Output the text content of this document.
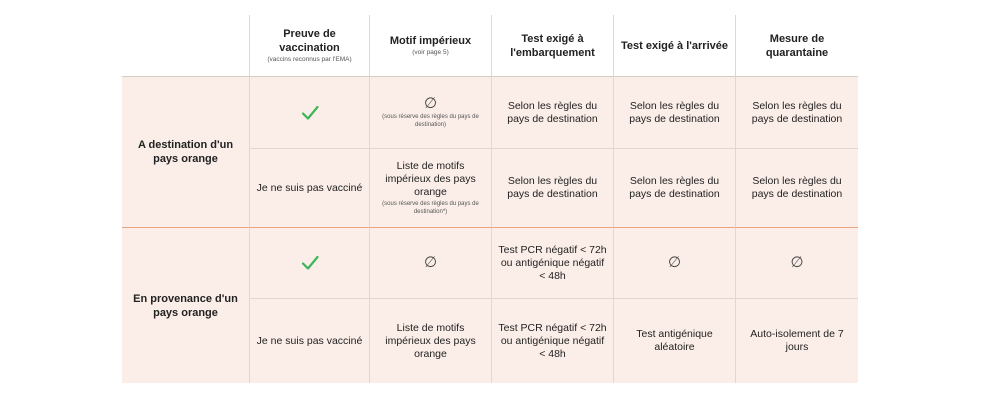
Preuve de vaccination
(vaccins reconnus par l'EMA)
Motif impérieux
(voir page 5)
Test exigé à l'embarquement
Test exigé à l'arrivée
Mesure de quarantaine
A destination d'un pays orange
∅
(sous réserve des règles du pays de destination)
Selon les règles du pays de destination
Selon les règles du pays de destination
Selon les règles du pays de destination
Je ne suis pas vacciné
Liste de motifs impérieux des pays orange
(sous réserve des règles du pays de destination*)
Selon les règles du pays de destination
Selon les règles du pays de destination
Selon les règles du pays de destination
En provenance d'un pays orange
∅
Test PCR négatif < 72h ou antigénique négatif < 48h
∅	∅
Je ne suis pas vacciné
Liste de motifs impérieux des pays orange
Test PCR négatif < 72h ou antigénique négatif < 48h
Test antigénique aléatoire
Auto-isolement de 7 jours
